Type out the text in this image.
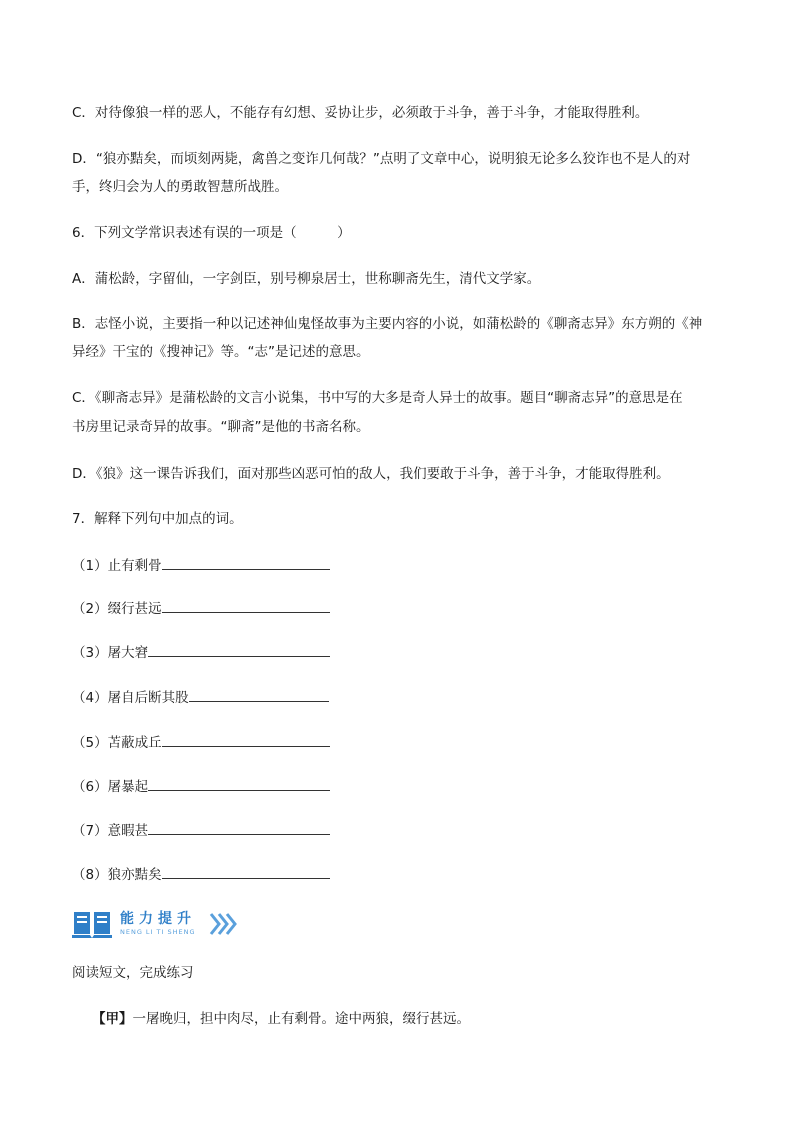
C．对待像狼一样的恶人，不能存有幻想、妥协让步，必须敢于斗争，善于斗争，才能取得胜利。
D．“狼亦黠矣，而顷刻两毙，禽兽之变诈几何哉？”点明了文章中心，说明狼无论多么狡诈也不是人的对
手，终归会为人的勇敢智慧所战胜。
6．下列文学常识表述有误的一项是（　　　）
A．蒲松龄，字留仙，一字剑臣，别号柳泉居士，世称聊斋先生，清代文学家。
B．志怪小说，主要指一种以记述神仙鬼怪故事为主要内容的小说，如蒲松龄的《聊斋志异》东方朔的《神
异经》干宝的《搜神记》等。“志”是记述的意思。
C．《聊斋志异》是蒲松龄的文言小说集，书中写的大多是奇人异士的故事。题目“聊斋志异”的意思是在
书房里记录奇异的故事。“聊斋”是他的书斋名称。
D．《狼》这一课告诉我们，面对那些凶恶可怕的敌人，我们要敢于斗争，善于斗争，才能取得胜利。
7．解释下列句中加点的词。
（1）止有剩骨
（2）缀行甚远
（3）屠大窘
（4）屠自后断其股
（5）苫蔽成丘
（6）屠暴起
（7）意暇甚
（8）狼亦黠矣
能力提升
NENG LI TI SHENG
阅读短文，完成练习
【甲】一屠晚归，担中肉尽，止有剩骨。途中两狼，缀行甚远。
